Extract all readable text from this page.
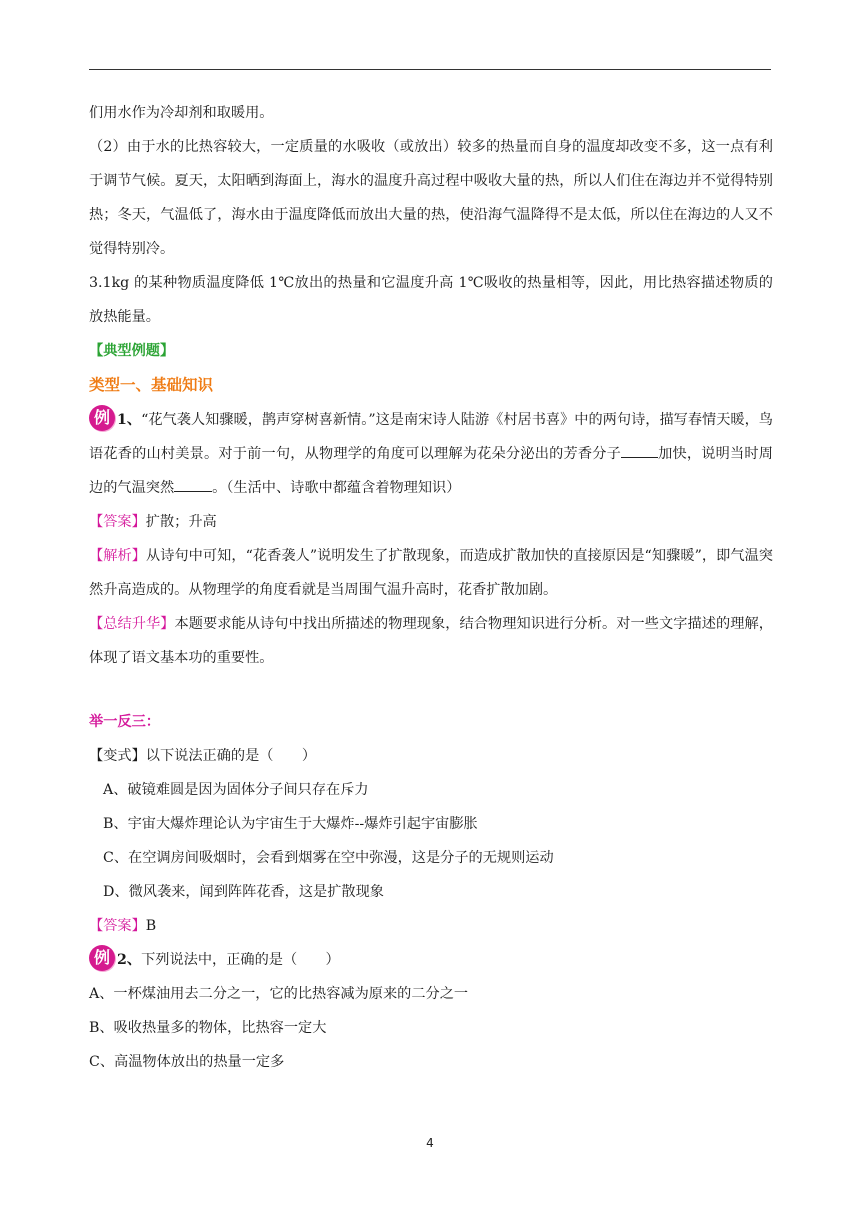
们用水作为冷却剂和取暖用。

（2）由于水的比热容较大，一定质量的水吸收（或放出）较多的热量而自身的温度却改变不多，这一点有利于调节气候。夏天，太阳晒到海面上，海水的温度升高过程中吸收大量的热，所以人们住在海边并不觉得特别热；冬天，气温低了，海水由于温度降低而放出大量的热，使沿海气温降得不是太低，所以住在海边的人又不觉得特别冷。

3.1kg 的某种物质温度降低 1℃放出的热量和它温度升高 1℃吸收的热量相等，因此，用比热容描述物质的放热能量。

【典型例题】

类型一、基础知识

例 1、“花气袭人知骤暖，鹊声穿树喜新情。”这是南宋诗人陆游《村居书喜》中的两句诗，描写春情天暖，鸟语花香的山村美景。对于前一句，从物理学的角度可以理解为花朵分泌出的芳香分子	加快，说明当时周边的气温突然	。（生活中、诗歌中都蕴含着物理知识）

【答案】扩散；升高

【解析】从诗句中可知，“花香袭人”说明发生了扩散现象，而造成扩散加快的直接原因是“知骤暖”，即气温突然升高造成的。从物理学的角度看就是当周围气温升高时，花香扩散加剧。

【总结升华】本题要求能从诗句中找出所描述的物理现象，结合物理知识进行分析。对一些文字描述的理解，体现了语文基本功的重要性。

举一反三：

【变式】以下说法正确的是（　　）

A、破镜难圆是因为固体分子间只存在斥力

B、宇宙大爆炸理论认为宇宙生于大爆炸--爆炸引起宇宙膨胀

C、在空调房间吸烟时，会看到烟雾在空中弥漫，这是分子的无规则运动

D、微风袭来，闻到阵阵花香，这是扩散现象

【答案】B

例 2、下列说法中，正确的是（　　）

A、一杯煤油用去二分之一，它的比热容减为原来的二分之一

B、吸收热量多的物体，比热容一定大

C、高温物体放出的热量一定多

4
